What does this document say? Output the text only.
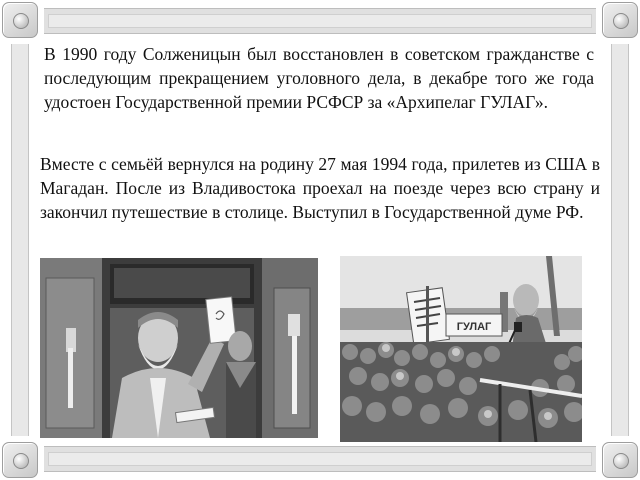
В 1990 году Солженицын был восстановлен в советском гражданстве с последующим прекращением уголовного дела, в декабре того же года удостоен Государственной премии РСФСР за «Архипелаг ГУЛАГ».

Вместе с семьёй вернулся на родину 27 мая 1994 года, прилетев из США в Магадан. После из Владивостока проехал на поезде через всю страну и закончил путешествие в столице. Выступил в Государственной думе РФ.

ГУЛАГ
